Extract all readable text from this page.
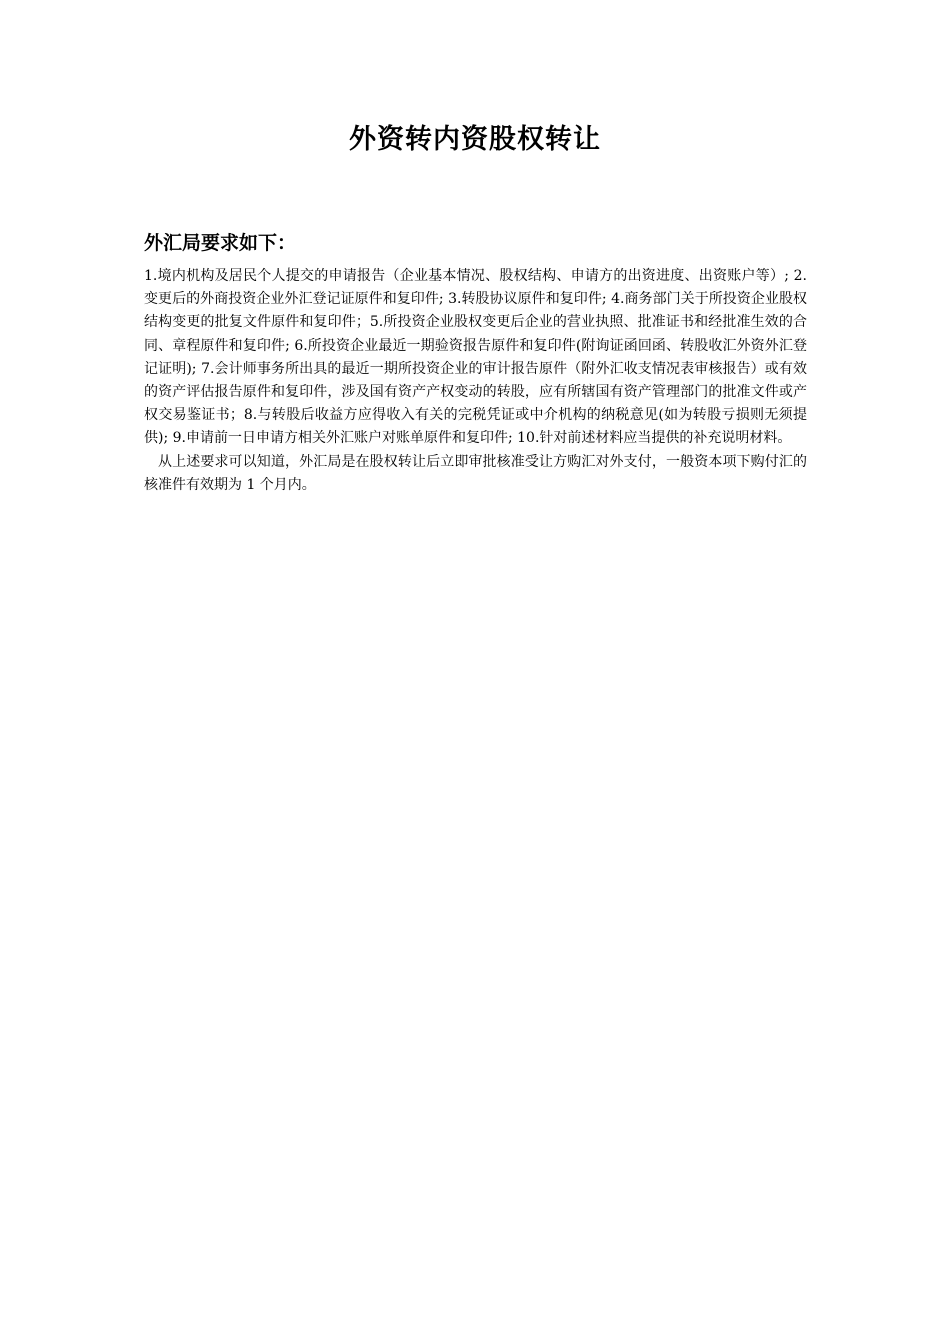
外资转内资股权转让
外汇局要求如下：

1.境内机构及居民个人提交的申请报告（企业基本情况、股权结构、申请方的出资进度、出资账户等）; 2.变更后的外商投资企业外汇登记证原件和复印件; 3.转股协议原件和复印件; 4.商务部门关于所投资企业股权结构变更的批复文件原件和复印件；5.所投资企业股权变更后企业的营业执照、批准证书和经批准生效的合同、章程原件和复印件; 6.所投资企业最近一期验资报告原件和复印件(附询证函回函、转股收汇外资外汇登记证明); 7.会计师事务所出具的最近一期所投资企业的审计报告原件（附外汇收支情况表审核报告）或有效的资产评估报告原件和复印件，涉及国有资产产权变动的转股，应有所辖国有资产管理部门的批准文件或产权交易鉴证书；8.与转股后收益方应得收入有关的完税凭证或中介机构的纳税意见(如为转股亏损则无须提供); 9.申请前一日申请方相关外汇账户对账单原件和复印件; 10.针对前述材料应当提供的补充说明材料。

从上述要求可以知道，外汇局是在股权转让后立即审批核准受让方购汇对外支付，一般资本项下购付汇的核准件有效期为 1 个月内。
